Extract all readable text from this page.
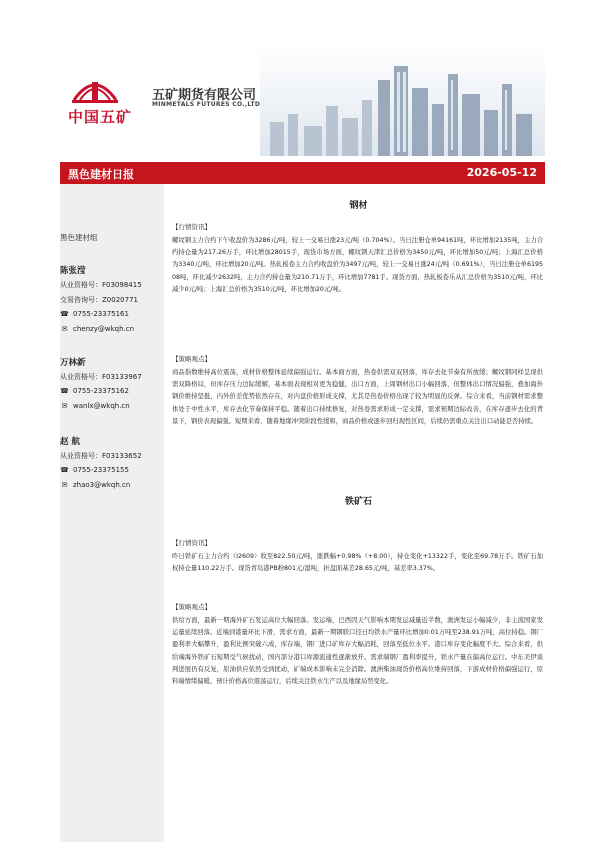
中国五矿
五矿期货有限公司
MINMETALS FUTURES CO.,LTD
黑色建材日报	2026-05-12
黑色建材组
陈张滢
从业资格号：F03098415
交易咨询号：Z0020771
☎ 0755-23375161
✉ chenzy@wkqh.cn
万林新
从业资格号：F03133967
☎ 0755-23375162
✉ wanlx@wkqh.cn
赵 航
从业资格号：F03133652
☎ 0755-23375155
✉ zhao3@wkqh.cn
钢材
【行情资讯】
螺纹钢主力合约下午收盘价为3286元/吨，较上一交易日涨23元/吨（0.704%）。当日注册仓单94161吨，环比增加2135吨，主力合约持仓量为217.26万手，环比增加28015手，现货市场方面，螺纹钢天津汇总价格为3450元/吨，环比增加50元/吨；上海汇总价格为3340元/吨，环比增加20元/吨。热轧板卷主力合约收盘价为3497元/吨，较上一交易日涨24元/吨（0.691%），当日注册仓单619508吨，环比减少2632吨，主力合约持仓量为210.71万手，环比增加7781手。现货方面，热轧板卷乐从汇总价格为3510元/吨，环比减少0元/吨；上海汇总价格为3510元/吨，环比增加20元/吨。
【策略观点】
商品指数维持高位震荡，成材价格整体延续偏强运行。基本面方面，热卷供需双双回落，库存去化节奏有所放缓；螺纹钢同样呈现供需双降格局，但库存压力边际缓解，基本面表现相对更为稳健，出口方面，上周钢材出口小幅回落，但整体出口情况偏强，叠加海外钢价维持坚挺，内外价差优势依然存在，对内盘价格形成支撑，尤其是热卷价格出现了较为明显的反弹。综合来看，当前钢材需求整体处于中性水平，库存去化节奏保持平稳。随着出口持续修复，对热卷需求形成一定支撑，需求预期边际改善，在库存逐步去化的背景下，钢价表现偏强。短期来看，随着地缘冲突阶段性缓和，商品价格或逐步回归现性区间，后续仍需重点关注出口动能是否持续。
铁矿石
【行情资讯】
昨日铁矿石主力合约（I2609）收至822.50元/吨，涨跌幅+0.98%（+8.00），持仓变化+13322手，变化至69.78万手。铁矿石加权持仓量110.22万手。现货青岛港PB粉801元/湿吨，折盘面基差28.65元/吨，基差率3.37%。
【策略观点】
供给方面，最新一期海外矿石发运高位大幅回落。发运端，巴西因天气影响本期发运减量近半数，澳洲发运小幅减少，非主流国家发运量延续回落。近端到港量环比下滑，需求方面，最新一期钢联口径日均铁水产量环比增加0.01万吨至238.91万吨，高位持稳。钢厂盈利率大幅攀升，盈利比例突破六成，库存端，钢厂进口矿库存大幅消耗，回落至低位水平。港口库存变化幅度不大。综合来看，供给端海外铁矿石短期受气候扰动，国内部分港口库源流通性逐渐放开。需求端钢厂盈利率提升，铁水产量在偏高位运行。中东美伊谈判进展仍有反复，原油供应依然受到扰动，矿端成本影响未完全消除。澳洲柴油现货价格高位维持回落，下游成材价格偏强运行，原料端情绪偏暖。预计价格高位震荡运行，后续关注铁水生产以及地缘局势变化。
